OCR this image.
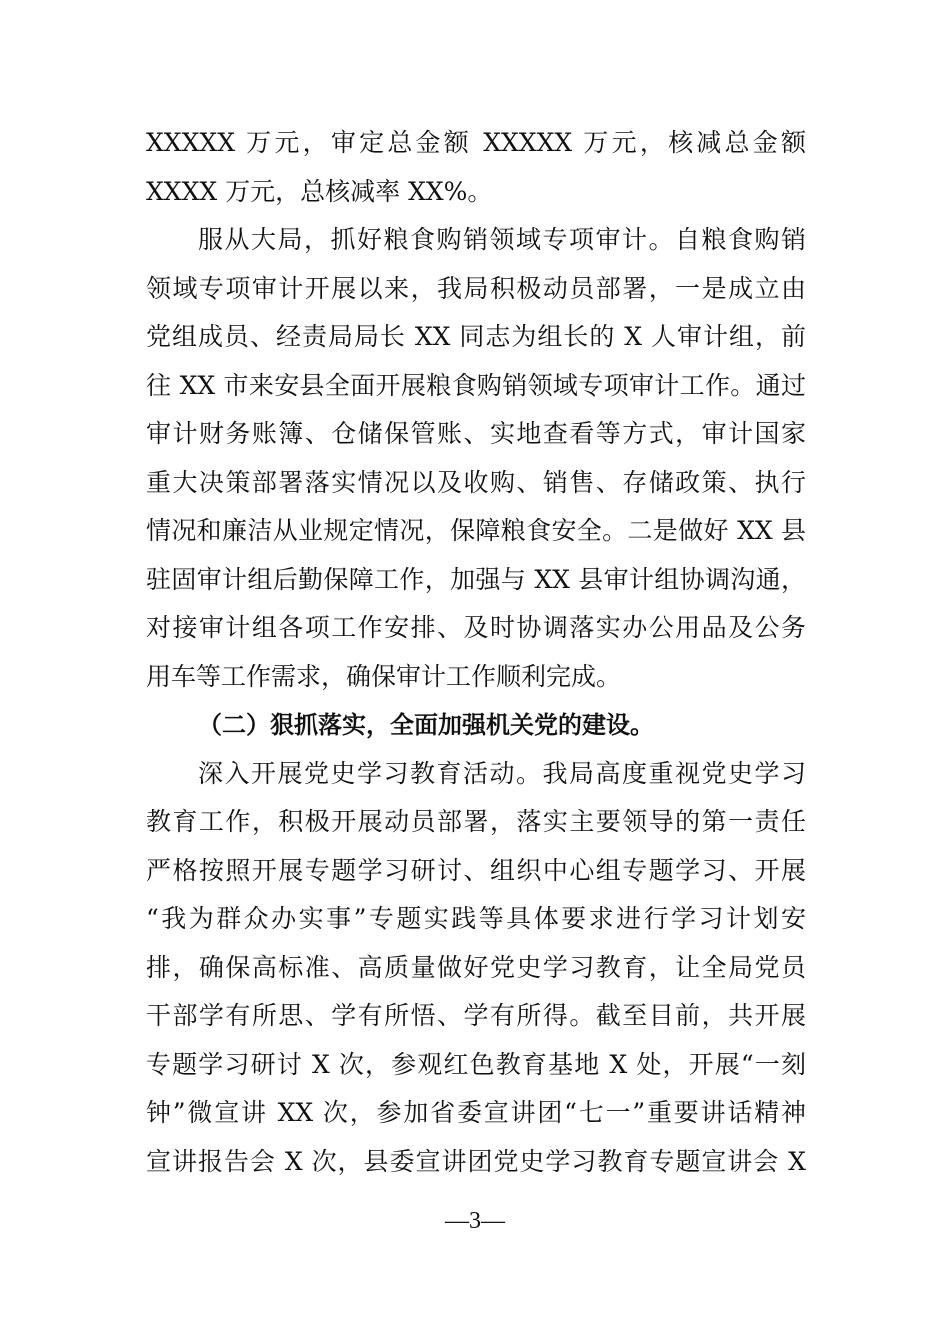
XXXXX 万元，审定总金额 XXXXX 万元，核减总金额
XXXX 万元，总核减率 XX%。
服从大局，抓好粮食购销领域专项审计。自粮食购销
领域专项审计开展以来，我局积极动员部署，一是成立由
党组成员、经责局局长 XX 同志为组长的 X 人审计组，前
往 XX 市来安县全面开展粮食购销领域专项审计工作。通过
审计财务账簿、仓储保管账、实地查看等方式，审计国家
重大决策部署落实情况以及收购、销售、存储政策、执行
情况和廉洁从业规定情况，保障粮食安全。二是做好 XX 县
驻固审计组后勤保障工作，加强与 XX 县审计组协调沟通，
对接审计组各项工作安排、及时协调落实办公用品及公务
用车等工作需求，确保审计工作顺利完成。
（二）狠抓落实，全面加强机关党的建设。
深入开展党史学习教育活动。我局高度重视党史学习
教育工作，积极开展动员部署，落实主要领导的第一责任
严格按照开展专题学习研讨、组织中心组专题学习、开展
“我为群众办实事”专题实践等具体要求进行学习计划安
排，确保高标准、高质量做好党史学习教育，让全局党员
干部学有所思、学有所悟、学有所得。截至目前，共开展
专题学习研讨 X 次，参观红色教育基地 X 处，开展“一刻
钟”微宣讲 XX 次，参加省委宣讲团“七一”重要讲话精神
宣讲报告会 X 次，县委宣讲团党史学习教育专题宣讲会 X
—3—
